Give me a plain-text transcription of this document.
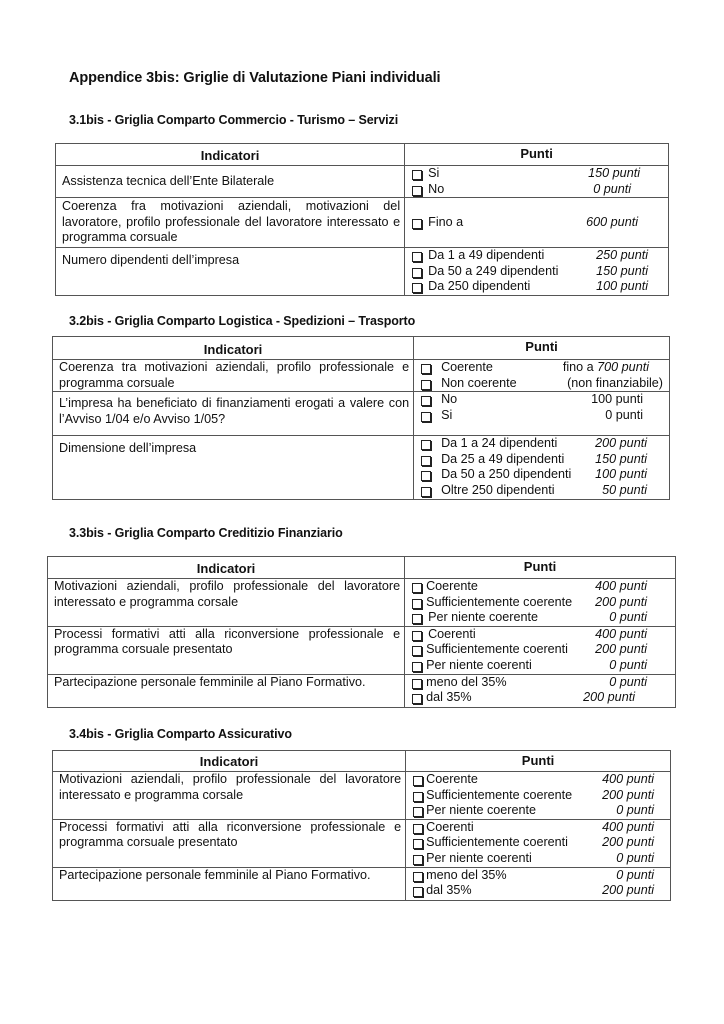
Appendice 3bis: Griglie di Valutazione Piani individuali
3.1bis - Griglia Comparto Commercio - Turismo – Servizi
Indicatori	Punti
Assistenza tecnica dell’Ente Bilaterale	Si 150 punti
No 0 punti

Coerenza fra motivazioni aziendali, motivazioni del lavoratore, profilo professionale del lavoratore interessato e programma corsuale	Fino a 600 punti

Numero dipendenti dell’impresa	Da 1 a 49 dipendenti	250 punti
Da 50 a 249 dipendenti	150 punti
Da 250 dipendenti	100 punti
3.2bis - Griglia Comparto Logistica - Spedizioni – Trasporto
Indicatori	Punti
Coerenza tra motivazioni aziendali, profilo professionale e programma corsuale	Coerente fino a 700 punti
Non coerente (non finanziabile)

L’impresa ha beneficiato di finanziamenti erogati a valere con l’Avviso 1/04 e/o Avviso 1/05?	No 100 punti
Si 0 punti

Dimensione dell’impresa	Da 1 a 24 dipendenti	200 punti
Da 25 a 49 dipendenti 150 punti
Da 50 a 250 dipendenti 100 punti
Oltre 250 dipendenti	50 punti
3.3bis - Griglia Comparto Creditizio Finanziario
Indicatori	Punti
Motivazioni aziendali, profilo professionale del lavoratore interessato e programma corsale	
Coerente	400 punti
Sufficientemente coerente 200 punti
Per niente coerente	0 punti

Processi formativi atti alla riconversione professionale e programma corsuale presentato	
Coerenti	400 punti
Sufficientemente coerenti 200 punti
Per niente coerenti	0 punti

Partecipazione personale femminile al Piano Formativo.	meno del 35% 0 punti
dal 35% 200 punti
3.4bis - Griglia Comparto Assicurativo
Indicatori	Punti
Motivazioni aziendali, profilo professionale del lavoratore interessato e programma corsale	
Coerente	400 punti
Sufficientemente coerente 200 punti
Per niente coerente	0 punti

Processi formativi atti alla riconversione professionale e programma corsuale presentato	
Coerenti	400 punti
Sufficientemente coerenti	200 punti
Per niente coerenti	0 punti

Partecipazione personale femminile al Piano Formativo.	meno del 35% 0 punti
dal 35% 200 punti
